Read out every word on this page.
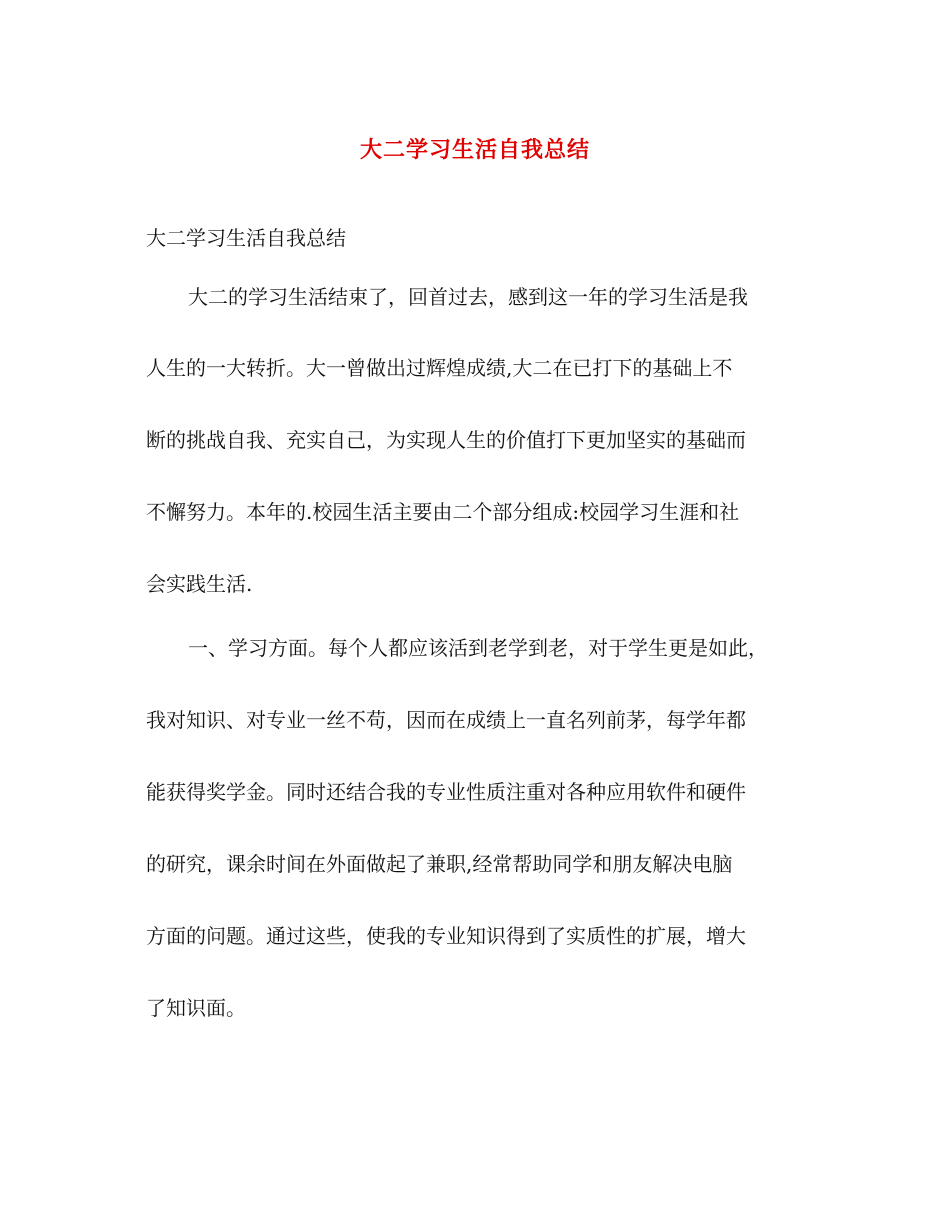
大二学习生活自我总结
大二学习生活自我总结
大二的学习生活结束了，回首过去，感到这一年的学习生活是我
人生的一大转折。大一曾做出过辉煌成绩,大二在已打下的基础上不
断的挑战自我、充实自己，为实现人生的价值打下更加坚实的基础而
不懈努力。本年的.校园生活主要由二个部分组成:校园学习生涯和社
会实践生活.
一、学习方面。每个人都应该活到老学到老，对于学生更是如此，
我对知识、对专业一丝不苟，因而在成绩上一直名列前茅，每学年都
能获得奖学金。同时还结合我的专业性质注重对各种应用软件和硬件
的研究，课余时间在外面做起了兼职,经常帮助同学和朋友解决电脑
方面的问题。通过这些，使我的专业知识得到了实质性的扩展，增大
了知识面。
